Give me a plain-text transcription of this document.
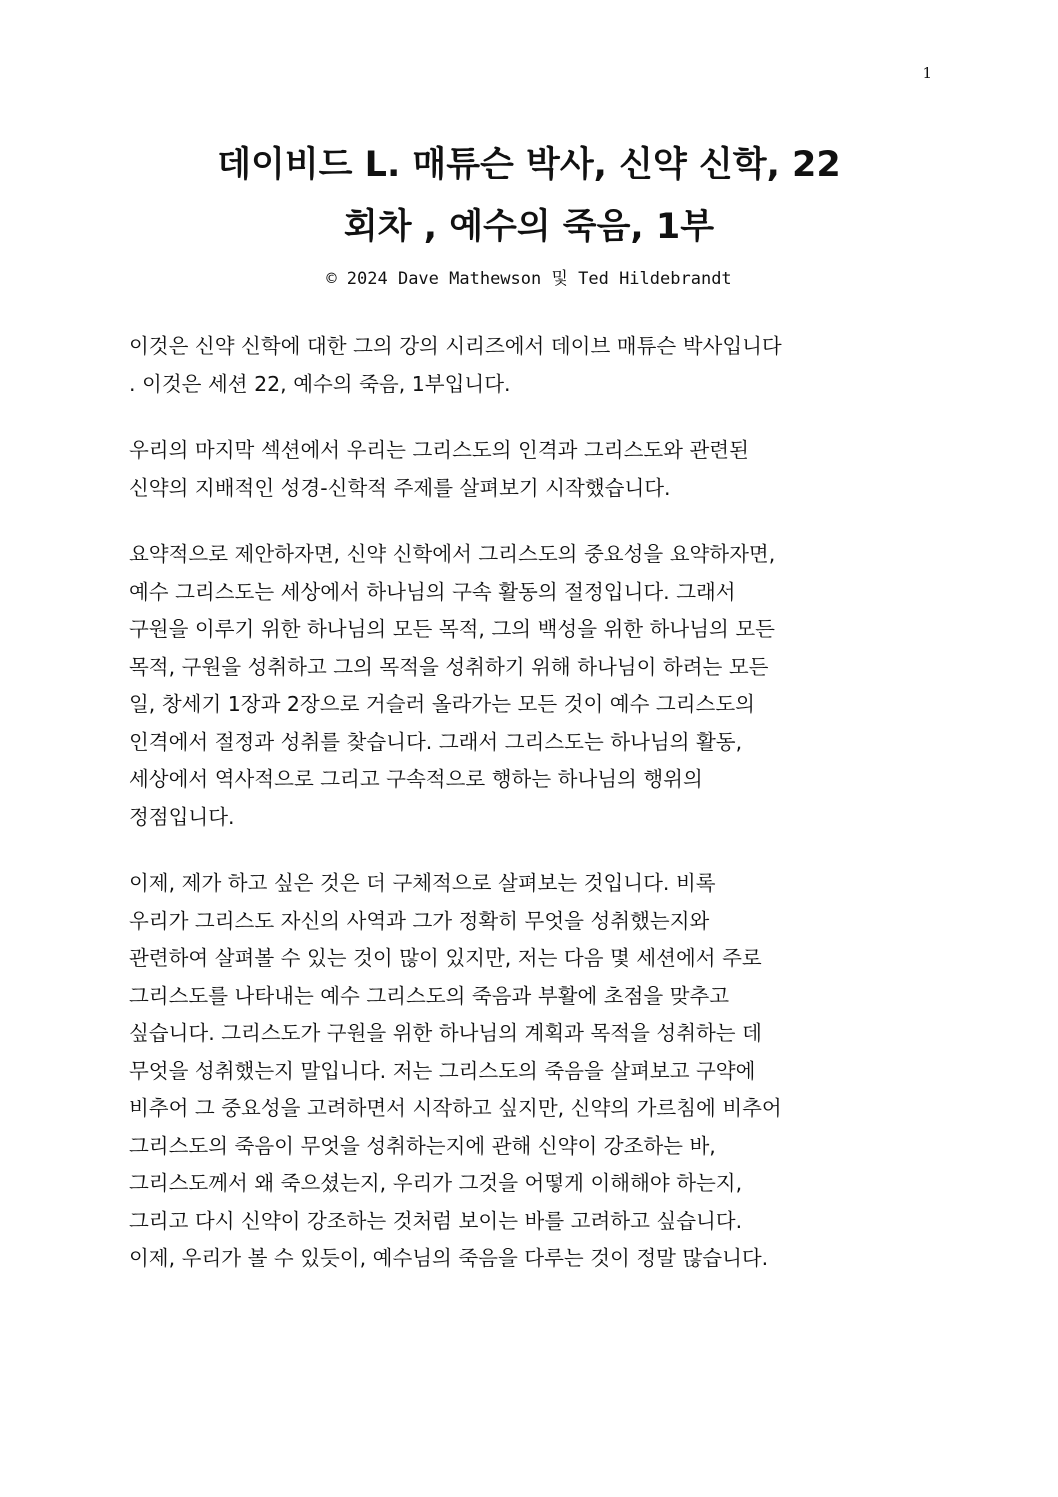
1
데이비드 L. 매튜슨 박사, 신약 신학, 22
회차 , 예수의 죽음, 1부
© 2024 Dave Mathewson 및 Ted Hildebrandt

이것은 신약 신학에 대한 그의 강의 시리즈에서 데이브 매튜슨 박사입니다
. 이것은 세션 22, 예수의 죽음, 1부입니다.

우리의 마지막 섹션에서 우리는 그리스도의 인격과 그리스도와 관련된
신약의 지배적인 성경-신학적 주제를 살펴보기 시작했습니다.

요약적으로 제안하자면, 신약 신학에서 그리스도의 중요성을 요약하자면,
예수 그리스도는 세상에서 하나님의 구속 활동의 절정입니다. 그래서
구원을 이루기 위한 하나님의 모든 목적, 그의 백성을 위한 하나님의 모든
목적, 구원을 성취하고 그의 목적을 성취하기 위해 하나님이 하려는 모든
일, 창세기 1장과 2장으로 거슬러 올라가는 모든 것이 예수 그리스도의
인격에서 절정과 성취를 찾습니다. 그래서 그리스도는 하나님의 활동,
세상에서 역사적으로 그리고 구속적으로 행하는 하나님의 행위의
정점입니다.

이제, 제가 하고 싶은 것은 더 구체적으로 살펴보는 것입니다. 비록
우리가 그리스도 자신의 사역과 그가 정확히 무엇을 성취했는지와
관련하여 살펴볼 수 있는 것이 많이 있지만, 저는 다음 몇 세션에서 주로
그리스도를 나타내는 예수 그리스도의 죽음과 부활에 초점을 맞추고
싶습니다. 그리스도가 구원을 위한 하나님의 계획과 목적을 성취하는 데
무엇을 성취했는지 말입니다. 저는 그리스도의 죽음을 살펴보고 구약에
비추어 그 중요성을 고려하면서 시작하고 싶지만, 신약의 가르침에 비추어
그리스도의 죽음이 무엇을 성취하는지에 관해 신약이 강조하는 바,
그리스도께서 왜 죽으셨는지, 우리가 그것을 어떻게 이해해야 하는지,
그리고 다시 신약이 강조하는 것처럼 보이는 바를 고려하고 싶습니다.
이제, 우리가 볼 수 있듯이, 예수님의 죽음을 다루는 것이 정말 많습니다.
